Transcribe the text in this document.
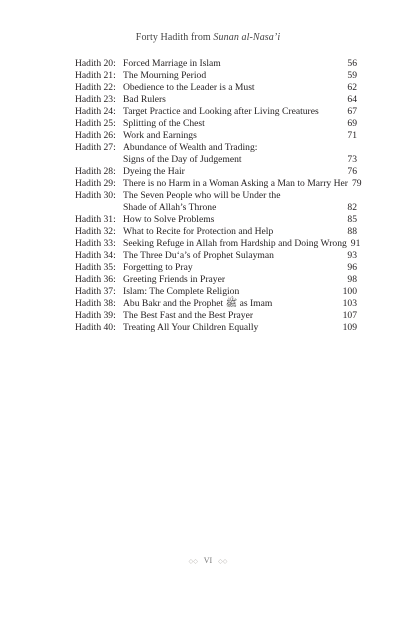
Forty Hadith from Sunan al-Nasa’i
Hadith 20: Forced Marriage in Islam	56
Hadith 21: The Mourning Period	59
Hadith 22: Obedience to the Leader is a Must	62
Hadith 23: Bad Rulers	64
Hadith 24: Target Practice and Looking after Living Creatures	67
Hadith 25: Splitting of the Chest	69
Hadith 26: Work and Earnings	71
Hadith 27: Abundance of Wealth and Trading:
Signs of the Day of Judgement	73
Hadith 28: Dyeing the Hair	76
Hadith 29: There is no Harm in a Woman Asking a Man to Marry Her 79
Hadith 30: The Seven People who will be Under the
Shade of Allah’s Throne	82
Hadith 31: How to Solve Problems	85
Hadith 32: What to Recite for Protection and Help	88
Hadith 33: Seeking Refuge in Allah from Hardship and Doing Wrong 91
Hadith 34: The Three Du‘a’s of Prophet Sulayman	93
Hadith 35: Forgetting to Pray	96
Hadith 36: Greeting Friends in Prayer	98
Hadith 37: Islam: The Complete Religion	100
Hadith 38: Abu Bakr and the Prophet ﷺ as Imam	103
Hadith 39: The Best Fast and the Best Prayer	107
Hadith 40: Treating All Your Children Equally	109
◇◇ VI ◇◇
